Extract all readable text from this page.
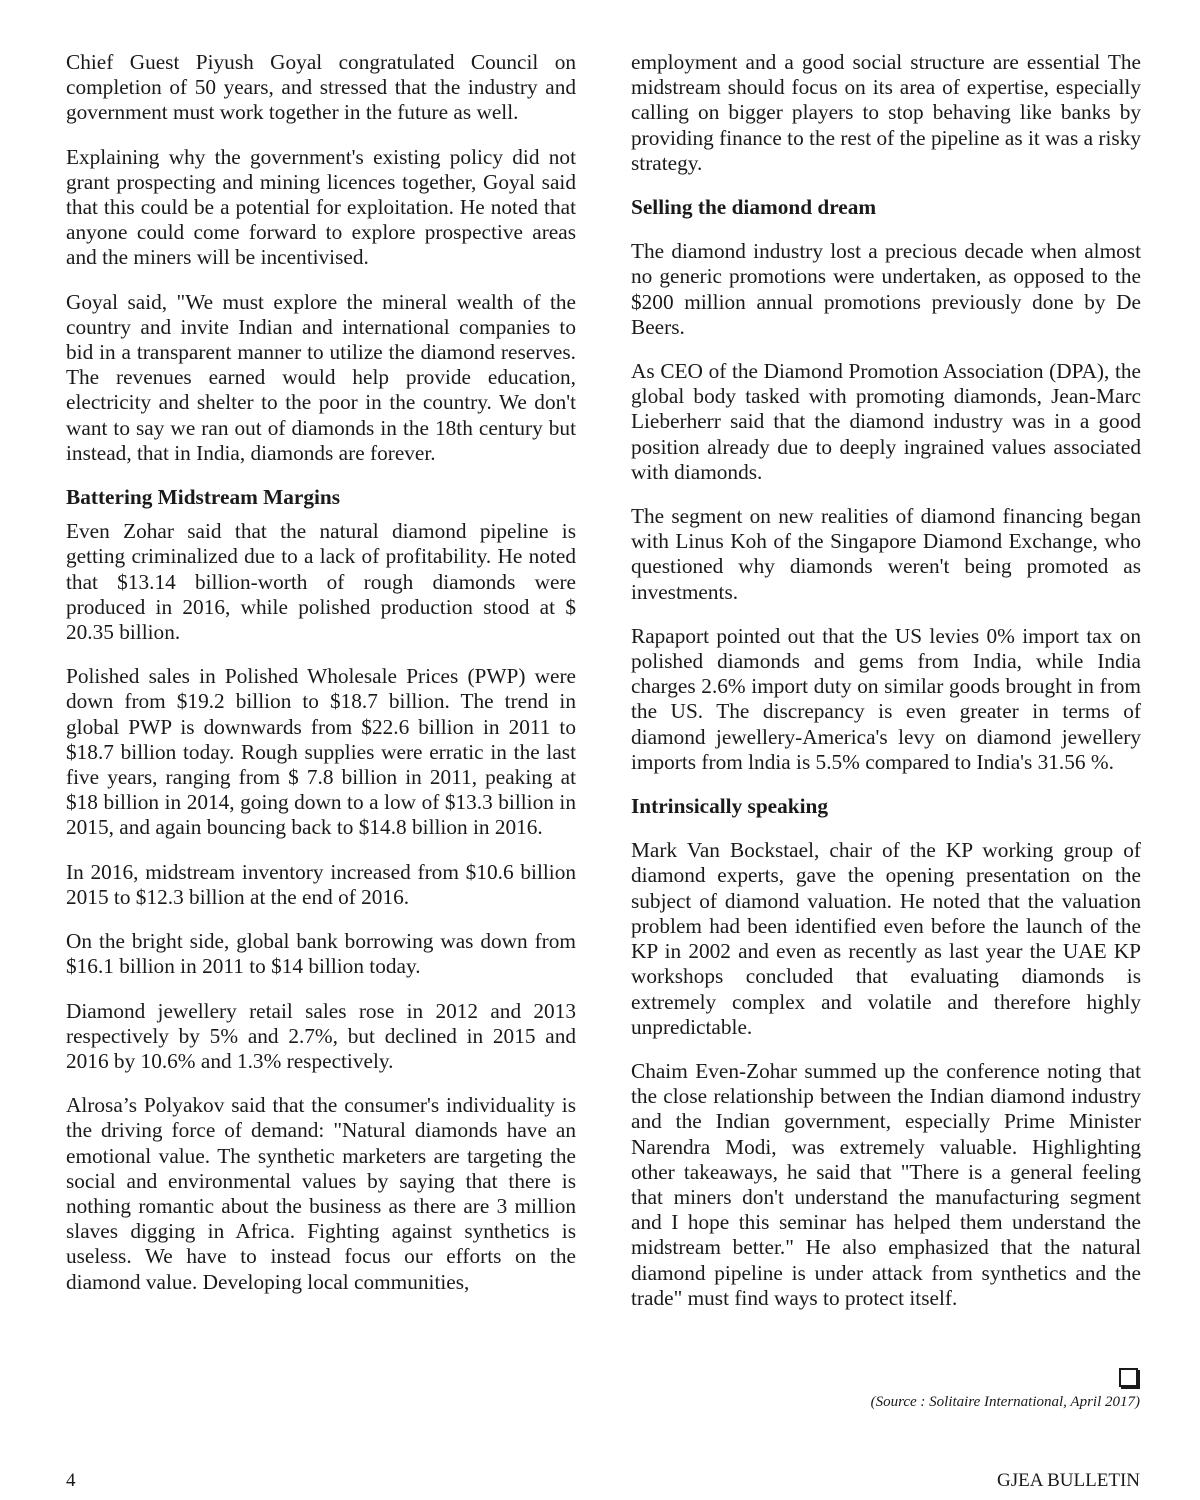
Chief Guest Piyush Goyal congratulated Council on completion of 50 years, and stressed that the industry and government must work together in the future as well.

Explaining why the government's existing policy did not grant prospecting and mining licences together, Goyal said that this could be a potential for exploitation. He noted that anyone could come forward to explore prospective areas and the miners will be incentivised.

Goyal said, "We must explore the mineral wealth of the country and invite Indian and international companies to bid in a transparent manner to utilize the diamond reserves. The revenues earned would help provide education, electricity and shelter to the poor in the country. We don't want to say we ran out of diamonds in the 18th century but instead, that in India, diamonds are forever.

Battering Midstream Margins

Even Zohar said that the natural diamond pipeline is getting criminalized due to a lack of profitability. He noted that $13.14 billion-worth of rough diamonds were produced in 2016, while polished production stood at $ 20.35 billion.

Polished sales in Polished Wholesale Prices (PWP) were down from $19.2 billion to $18.7 billion. The trend in global PWP is downwards from $22.6 billion in 2011 to $18.7 billion today. Rough supplies were erratic in the last five years, ranging from $ 7.8 billion in 2011, peaking at $18 billion in 2014, going down to a low of $13.3 billion in 2015, and again bouncing back to $14.8 billion in 2016.

In 2016, midstream inventory increased from $10.6 billion 2015 to $12.3 billion at the end of 2016.

On the bright side, global bank borrowing was down from $16.1 billion in 2011 to $14 billion today.

Diamond jewellery retail sales rose in 2012 and 2013 respectively by 5% and 2.7%, but declined in 2015 and 2016 by 10.6% and 1.3% respectively.

Alrosa’s Polyakov said that the consumer's individuality is the driving force of demand: "Natural diamonds have an emotional value. The synthetic marketers are targeting the social and environmental values by saying that there is nothing romantic about the business as there are 3 million slaves digging in Africa. Fighting against synthetics is useless. We have to instead focus our efforts on the diamond value. Developing local communities,

employment and a good social structure are essential The midstream should focus on its area of expertise, especially calling on bigger players to stop behaving like banks by providing finance to the rest of the pipeline as it was a risky strategy.

Selling the diamond dream

The diamond industry lost a precious decade when almost no generic promotions were undertaken, as opposed to the $200 million annual promotions previously done by De Beers.

As CEO of the Diamond Promotion Association (DPA), the global body tasked with promoting diamonds, Jean-Marc Lieberherr said that the diamond industry was in a good position already due to deeply ingrained values associated with diamonds.

The segment on new realities of diamond financing began with Linus Koh of the Singapore Diamond Exchange, who questioned why diamonds weren't being promoted as investments.

Rapaport pointed out that the US levies 0% import tax on polished diamonds and gems from India, while India charges 2.6% import duty on similar goods brought in from the US. The discrepancy is even greater in terms of diamond jewellery-America's levy on diamond jewellery imports from lndia is 5.5% compared to India's 31.56 %.

Intrinsically speaking

Mark Van Bockstael, chair of the KP working group of diamond experts, gave the opening presentation on the subject of diamond valuation. He noted that the valuation problem had been identified even before the launch of the KP in 2002 and even as recently as last year the UAE KP workshops concluded that evaluating diamonds is extremely complex and volatile and therefore highly unpredictable.

Chaim Even-Zohar summed up the conference noting that the close relationship between the Indian diamond industry and the Indian government, especially Prime Minister Narendra Modi, was extremely valuable. Highlighting other takeaways, he said that "There is a general feeling that miners don't understand the manufacturing segment and I hope this seminar has helped them understand the midstream better." He also emphasized that the natural diamond pipeline is under attack from synthetics and the trade" must find ways to protect itself.

(Source : Solitaire International, April 2017)
4	GJEA BULLETIN
